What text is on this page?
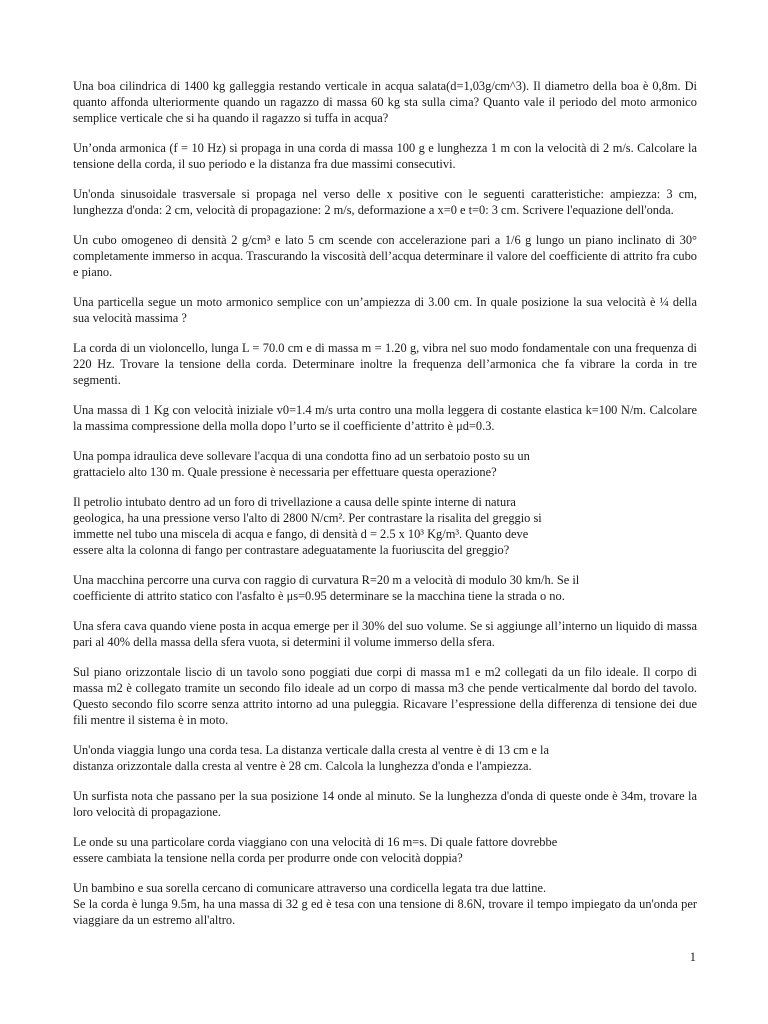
Una boa cilindrica di 1400 kg galleggia restando verticale in acqua salata(d=1,03g/cm^3). Il diametro della boa è 0,8m. Di quanto affonda ulteriormente quando un ragazzo di massa 60 kg sta sulla cima? Quanto vale il periodo del moto armonico semplice verticale che si ha quando il ragazzo si tuffa in acqua?

Un’onda armonica (f = 10 Hz) si propaga in una corda di massa 100 g e lunghezza 1 m con la velocità di 2 m/s. Calcolare la tensione della corda, il suo periodo e la distanza fra due massimi consecutivi.

Un'onda sinusoidale trasversale si propaga nel verso delle x positive con le seguenti caratteristiche: ampiezza: 3 cm, lunghezza d'onda: 2 cm, velocità di propagazione: 2 m/s, deformazione a x=0 e t=0: 3 cm. Scrivere l'equazione dell'onda.

Un cubo omogeneo di densità 2 g/cm³ e lato 5 cm scende con accelerazione pari a 1/6 g lungo un piano inclinato di 30° completamente immerso in acqua. Trascurando la viscosità dell’acqua determinare il valore del coefficiente di attrito fra cubo e piano.

Una particella segue un moto armonico semplice con un’ampiezza di 3.00 cm. In quale posizione la sua velocità è ¼ della sua velocità massima ?

La corda di un violoncello, lunga L = 70.0 cm e di massa m = 1.20 g, vibra nel suo modo fondamentale con una frequenza di 220 Hz. Trovare la tensione della corda. Determinare inoltre la frequenza dell’armonica che fa vibrare la corda in tre segmenti.

Una massa di 1 Kg con velocità iniziale v0=1.4 m/s urta contro una molla leggera di costante elastica k=100 N/m. Calcolare la massima compressione della molla dopo l’urto se il coefficiente d’attrito è μd=0.3.

Una pompa idraulica deve sollevare l'acqua di una condotta fino ad un serbatoio posto su un
grattacielo alto 130 m. Quale pressione è necessaria per effettuare questa operazione?

Il petrolio intubato dentro ad un foro di trivellazione a causa delle spinte interne di natura
geologica, ha una pressione verso l'alto di 2800 N/cm². Per contrastare la risalita del greggio si
immette nel tubo una miscela di acqua e fango, di densità d = 2.5 x 10³ Kg/m³. Quanto deve
essere alta la colonna di fango per contrastare adeguatamente la fuoriuscita del greggio?

Una macchina percorre una curva con raggio di curvatura R=20 m a velocità di modulo 30 km/h. Se il
coefficiente di attrito statico con l'asfalto è μs=0.95 determinare se la macchina tiene la strada o no.

Una sfera cava quando viene posta in acqua emerge per il 30% del suo volume. Se si aggiunge all’interno un liquido di massa pari al 40% della massa della sfera vuota, si determini il volume immerso della sfera.

Sul piano orizzontale liscio di un tavolo sono poggiati due corpi di massa m1 e m2 collegati da un filo ideale. Il corpo di massa m2 è collegato tramite un secondo filo ideale ad un corpo di massa m3 che pende verticalmente dal bordo del tavolo. Questo secondo filo scorre senza attrito intorno ad una puleggia. Ricavare l’espressione della differenza di tensione dei due fili mentre il sistema è in moto.

Un'onda viaggia lungo una corda tesa. La distanza verticale dalla cresta al ventre è di 13 cm e la
distanza orizzontale dalla cresta al ventre è 28 cm. Calcola la lunghezza d'onda e l'ampiezza.

Un surfista nota che passano per la sua posizione 14 onde al minuto. Se la lunghezza d'onda di queste onde è 34m, trovare la loro velocità di propagazione.

Le onde su una particolare corda viaggiano con una velocità di 16 m=s. Di quale fattore dovrebbe
essere cambiata la tensione nella corda per produrre onde con velocità doppia?

Un bambino e sua sorella cercano di comunicare attraverso una cordicella legata tra due lattine.
Se la corda è lunga 9.5m, ha una massa di 32 g ed è tesa con una tensione di 8.6N, trovare il tempo impiegato da un'onda per viaggiare da un estremo all'altro.

1
